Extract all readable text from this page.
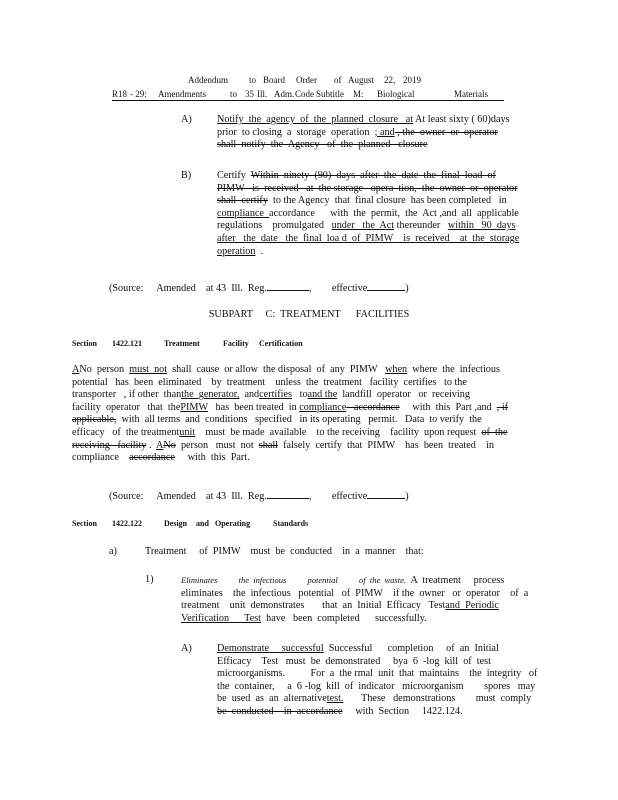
Addendum to Board Order of August 22, 2019
R18 - 29: Amendments	to 35 Ill. Adm. Code Subtitle M: Biological	Materials
A) Notify  the  agency  of  the  planned  closure   at At least sixty ( 60)days

prior  to closing  a  storage  operation  ; and , the  owner  or  operator

shall  notify  the  Agency   of  the  planned   closure

B)	Certify  Within  ninety  (90)  days  after  the  date  the  final  load  of

PIMW   is  received   at  the storage   opera  tion,  the  owner  or  operator

shall  certify  to the Agency  that  final closure  has been completed   in

compliance  accordance      with  the  permit,  the  Act ,and  all  applicable

regulations    promulgated   under   the  Act thereunder   within   90  days

after   the  date   the  final  loa d  of  PIMW    is  received    at  the  storage

operation  .

(Source: Amended at 43  Ill.  Reg.	, effective	)
SUBPART     C:  TREATMENT      FACILITIES
Section 1422.121	Treatment	Facility Certification

ANo  person  must  not  shall  cause  or allow  the disposal  of  any  PIMW   when  where  the  infectious

potential   has  been  eliminated    by  treatment    unless  the  treatment   facility  certifies   to the

transporter   , if other  thanthe  generator,  andcertifies   toand the  landfill  operator   or  receiving

facility  operator   that  thePIMW   has  been treated  in compliance   accordance     with  this  Part ,and  , if

applicable,  with  all terms  and  conditions   specified   in its operating   permit.   Data  to verify  the

efficacy   of  the treatmentunit    must  be made  available    to the receiving    facility  upon request  of  the

receiving   facility .  ANo  person   must  not  shall  falsely  certify  that  PIMW    has  been  treated    in

compliance    accordance     with  this  Part.

(Source: Amended at 43  Ill.  Reg.	, effective	)
Section 1422.122	Design and Operating	Standards
a)	Treatment     of  PIMW    must  be  conducted    in  a  manner    that:
1)	Eliminates          the  infectious          potential          of  the  waste.  A  treatment     process

eliminates    the  infectious   potential   of  PIMW    if the  owner   or  operator    of  a

treatment    unit  demonstrates       that  an  Initial  Efficacy   Testand  Periodic

Verification      Test  have   been  completed      successfully.

A) Demonstrate     successful  Successful      completion     of  an  Initial

Efficacy    Test   must  be  demonstrated     bya  6  -log  kill  of  test

microorganisms.          For  a  the rmal  unit  that  maintains    the  integrity   of

the  container,     a  6 -log  kill  of  indicator   microorganism        spores   may

be  used  as  an  alternativetest.       These   demonstrations        must  comply

be  conducted    in  accordance     with  Section     1422.124.
